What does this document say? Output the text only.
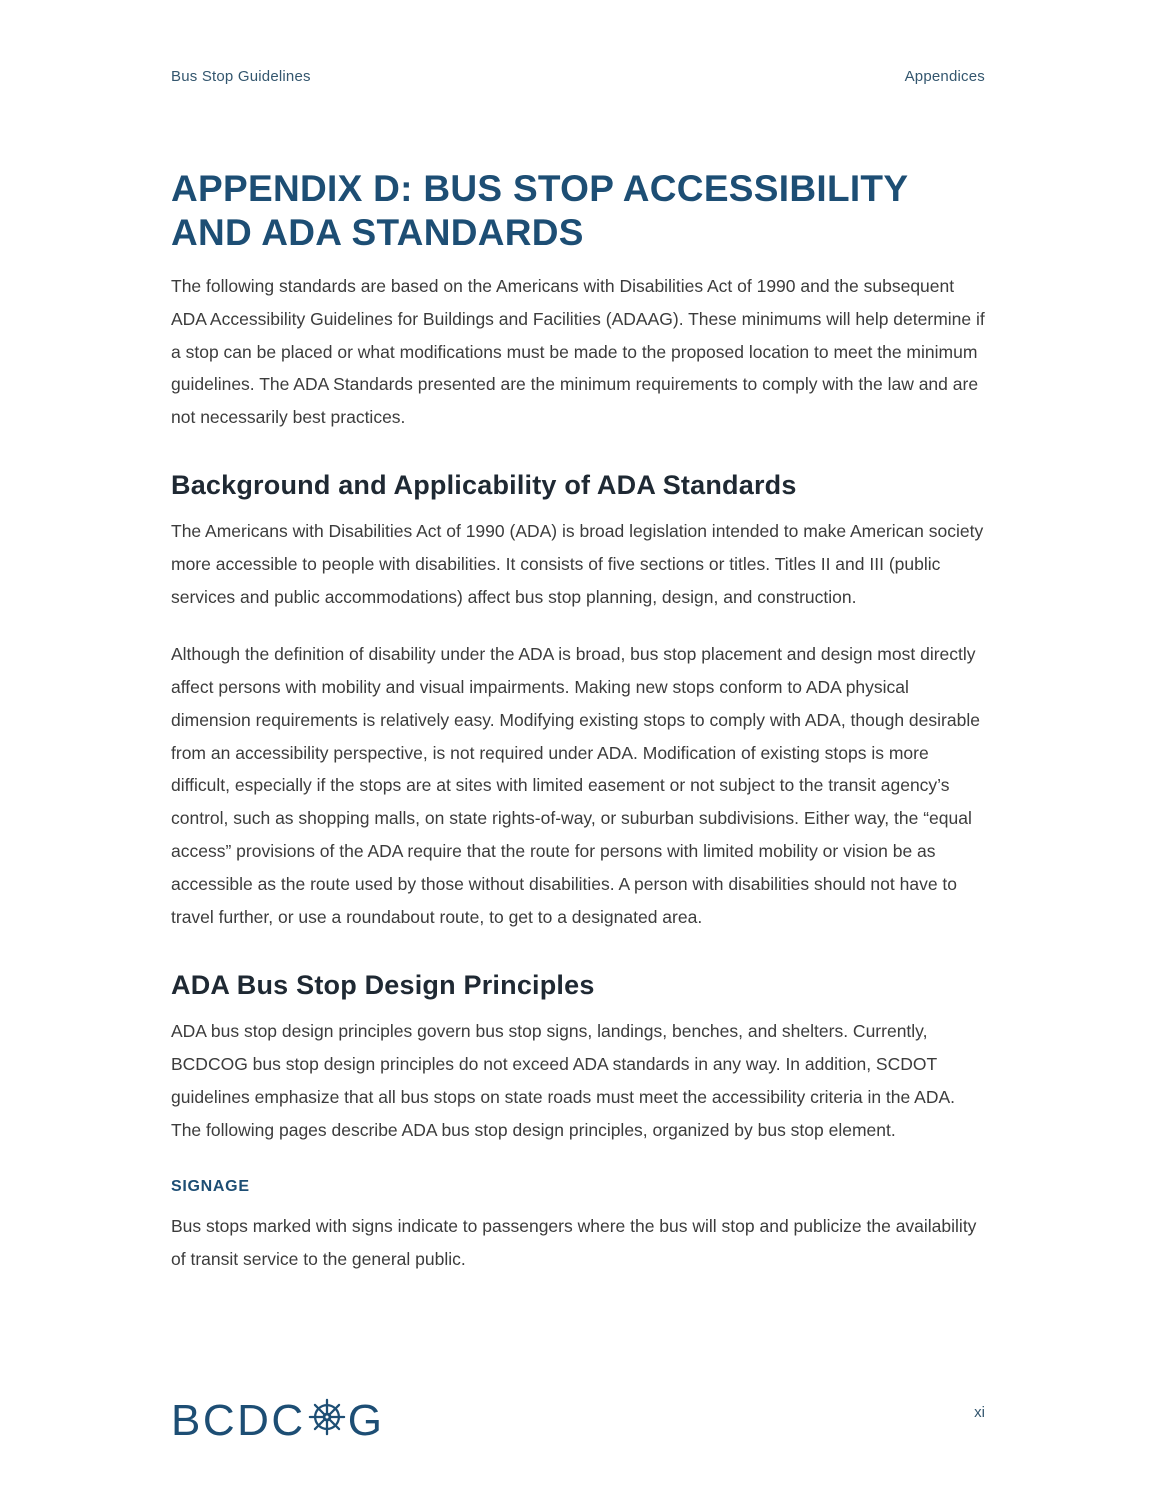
Bus Stop Guidelines	Appendices
APPENDIX D: BUS STOP ACCESSIBILITY
AND ADA STANDARDS

The following standards are based on the Americans with Disabilities Act of 1990 and the subsequent ADA Accessibility Guidelines for Buildings and Facilities (ADAAG). These minimums will help determine if a stop can be placed or what modifications must be made to the proposed location to meet the minimum guidelines. The ADA Standards presented are the minimum requirements to comply with the law and are not necessarily best practices.

Background and Applicability of ADA Standards

The Americans with Disabilities Act of 1990 (ADA) is broad legislation intended to make American society more accessible to people with disabilities. It consists of five sections or titles. Titles II and III (public services and public accommodations) affect bus stop planning, design, and construction.

Although the definition of disability under the ADA is broad, bus stop placement and design most directly affect persons with mobility and visual impairments. Making new stops conform to ADA physical dimension requirements is relatively easy. Modifying existing stops to comply with ADA, though desirable from an accessibility perspective, is not required under ADA. Modification of existing stops is more difficult, especially if the stops are at sites with limited easement or not subject to the transit agency’s control, such as shopping malls, on state rights-of-way, or suburban subdivisions. Either way, the “equal access” provisions of the ADA require that the route for persons with limited mobility or vision be as accessible as the route used by those without disabilities. A person with disabilities should not have to travel further, or use a roundabout route, to get to a designated area.

ADA Bus Stop Design Principles

ADA bus stop design principles govern bus stop signs, landings, benches, and shelters. Currently, BCDCOG bus stop design principles do not exceed ADA standards in any way. In addition, SCDOT guidelines emphasize that all bus stops on state roads must meet the accessibility criteria in the ADA. The following pages describe ADA bus stop design principles, organized by bus stop element.

SIGNAGE

Bus stops marked with signs indicate to passengers where the bus will stop and publicize the availability of transit service to the general public.

BCDC G	xi
